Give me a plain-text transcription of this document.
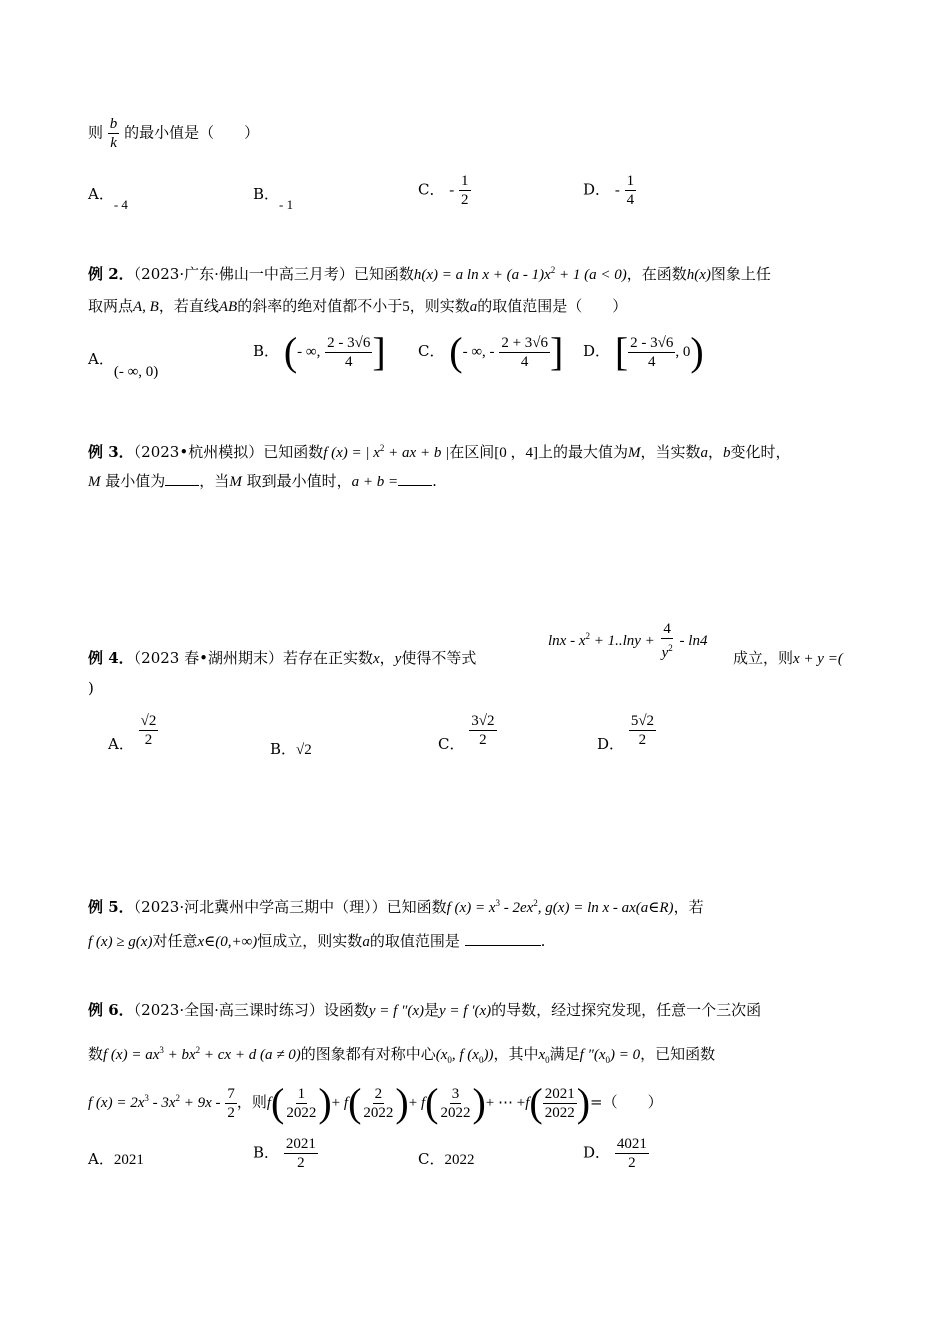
则 $\frac{b}{k}$ 的最小值是（　　）
A．- 4
B．- 1
C． - $\frac{1}{2}$	D． - $\frac{1}{4}$
例 2．（2023·广东·佛山一中高三月考）已知函数h(x) = a $\ln x + (a - 1)x^2 + 1$ (a < 0)，在函数h(x)图象上任
取两点A, B，若直线AB的斜率的绝对值都不小于5，则实数a的取值范围是（　　）
A．(- ∞, 0)
B． (- ∞, $\frac{2 - 3√6}{4}$ ] C． (- ∞, - $\frac{2 + 3√6}{4}$ ] D． [ $\frac{2 - 3√6}{4}$ , 0)
例 3．（2023•杭州模拟）已知函数f (x) = | $x^2$ + ax + b |在区间[0 ，4]上的最大值为M，当实数a，b变化时，
M 最小值为 ，当M 取到最小值时，a + b = .
例 4．（2023 春•湖州期末）若存在正实数x，y使得不等式
$\ln x - x^2 + 1..\ln y + \frac{4}{y^2} - \ln 4$
成立，则x + y =(
)
A． $\frac{√2}{2}$	B．√2	C． $\frac{3√2}{2}$	D． $\frac{5√2}{2}$
例 5．（2023·河北冀州中学高三期中（理））已知函数f $(x) = x^3 - 2ex^2$, g(x) = ln x - ax(a∈R)，若
f (x) ≥ g(x)对任意x∈(0,+∞)恒成立，则实数a的取值范围是	.
例 6．（2023·全国·高三课时练习）设函数y = f ″(x)是y = f ′(x)的导数，经过探究发现，任意一个三次函
数f $(x) = ax^3 + bx^2$ + cx + d (a ≠ 0)的图象都有对称中心($x_0$, f $(x_0)$)，其中$x_0$满足f $''(x_0) = 0$，已知函数
f $(x) = 2x^3 - 3x^2 + 9x - \frac{7}{2}$ ，则$f( \frac{1}{2022}$ )+ $f( \frac{2}{2022}$ )+ $f( \frac{3}{2022}$ )+ ⋯ $+f( \frac{2021}{2022}$ )=（　　）
A．2021	B． $\frac{2021}{2}$	C．2022	D． $\frac{4021}{2}$
